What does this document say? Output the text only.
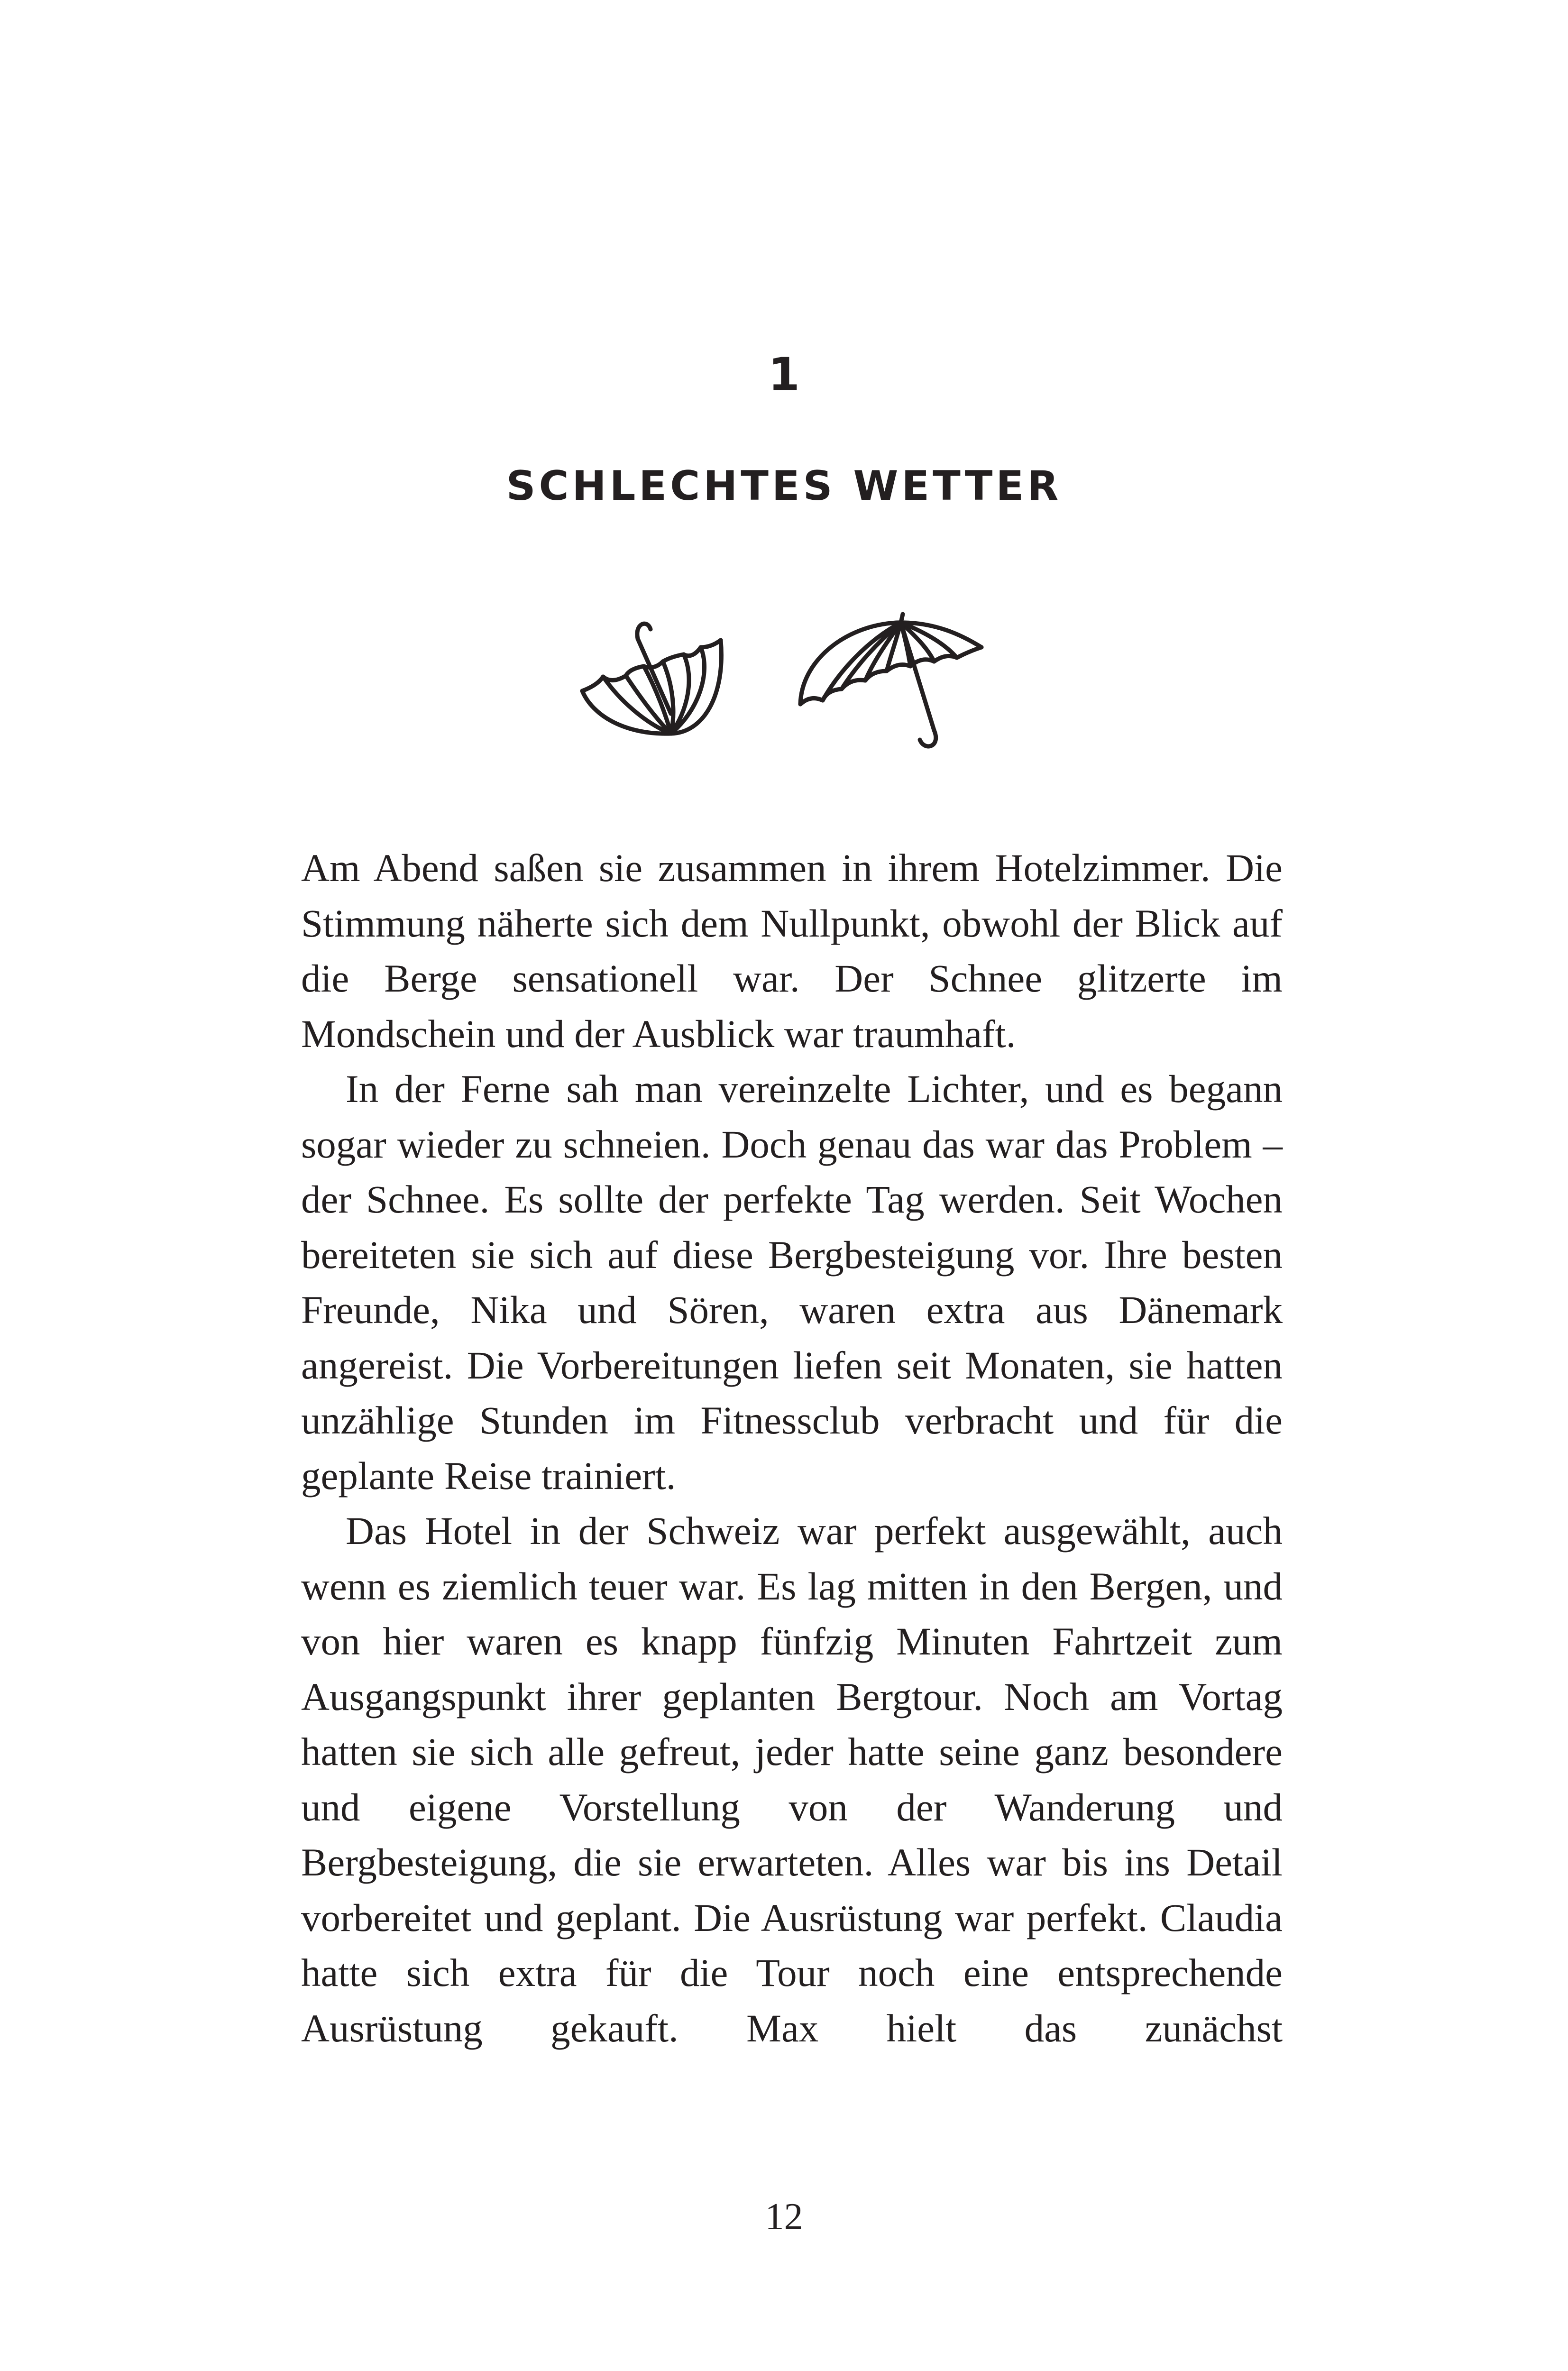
1
SCHLECHTES WETTER

Am Abend saßen sie zusammen in ihrem Hotelzimmer. Die Stimmung näherte sich dem Nullpunkt, obwohl der Blick auf die Berge sensationell war. Der Schnee glitzerte im Mondschein und der Ausblick war traumhaft.

In der Ferne sah man vereinzelte Lichter, und es begann sogar wieder zu schneien. Doch genau das war das Problem – der Schnee. Es sollte der perfekte Tag werden. Seit Wochen bereiteten sie sich auf diese Bergbesteigung vor. Ihre besten Freunde, Nika und Sören, waren extra aus Dänemark angereist. Die Vorbereitungen liefen seit Monaten, sie hatten unzählige Stunden im Fitnessclub verbracht und für die geplante Reise trainiert.

Das Hotel in der Schweiz war perfekt ausgewählt, auch wenn es ziemlich teuer war. Es lag mitten in den Bergen, und von hier waren es knapp fünfzig Minuten Fahrtzeit zum Ausgangspunkt ihrer geplanten Bergtour. Noch am Vortag hatten sie sich alle gefreut, jeder hatte seine ganz besondere und eigene Vorstellung von der Wanderung und Bergbesteigung, die sie erwarteten. Alles war bis ins Detail vorbereitet und geplant. Die Ausrüstung war perfekt. Claudia hatte sich extra für die Tour noch eine entsprechende Ausrüstung gekauft. Max hielt das zunächst

12
